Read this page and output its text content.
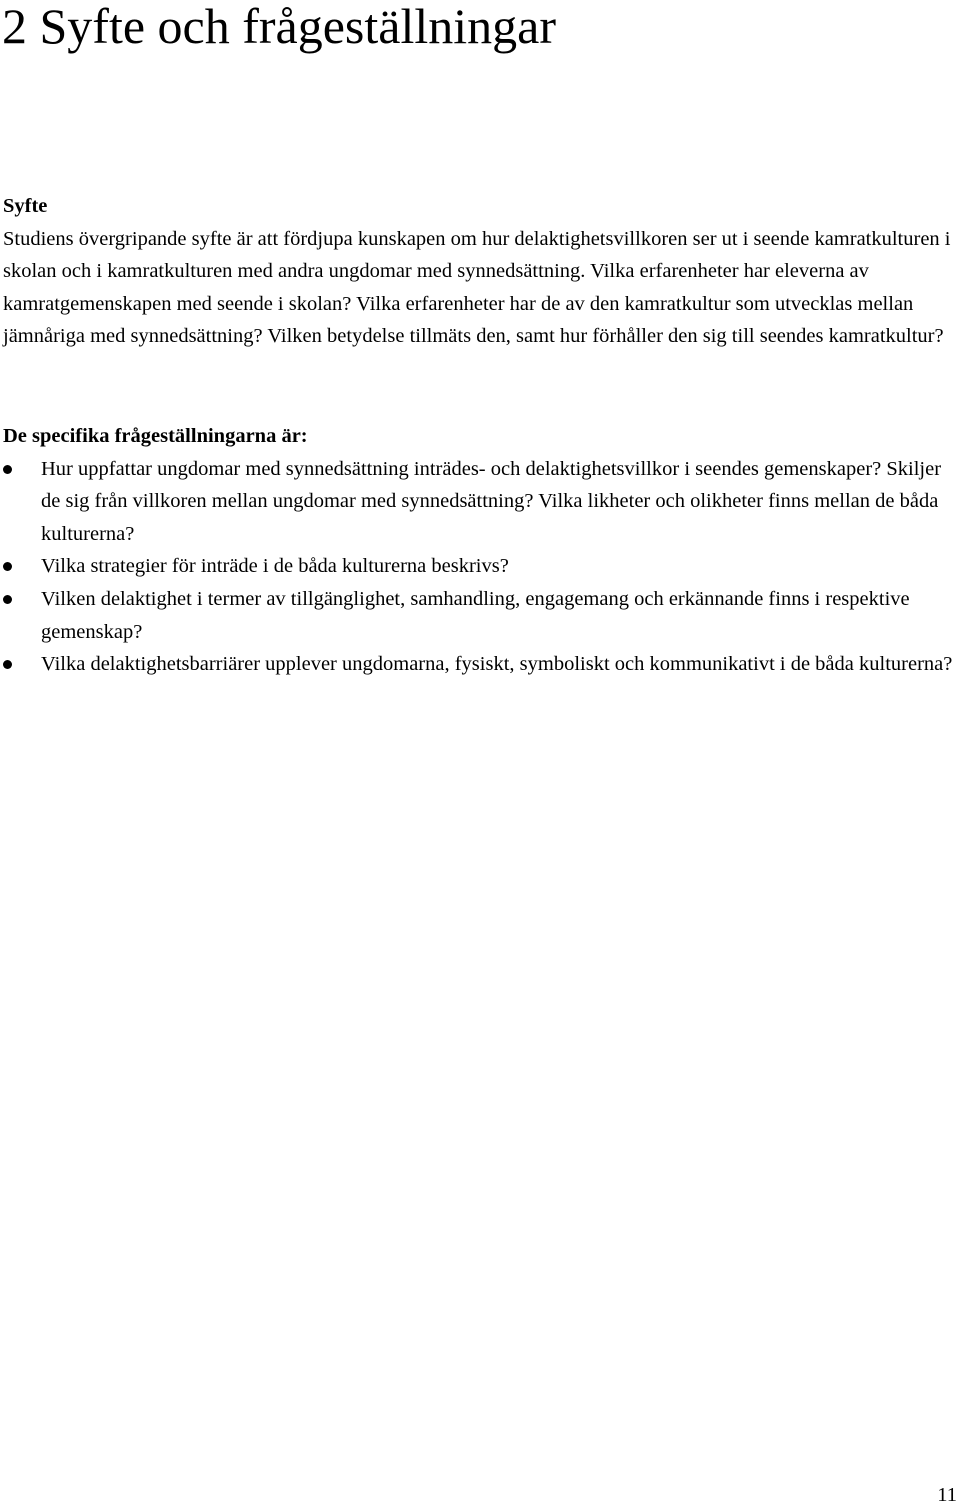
2 Syfte och frågeställningar
Syfte

Studiens övergripande syfte är att fördjupa kunskapen om hur delaktighetsvillkoren ser ut i seende kamratkulturen i skolan och i kamratkulturen med andra ungdomar med synnedsättning. Vilka erfarenheter har eleverna av kamratgemenskapen med seende i skolan? Vilka erfarenheter har de av den kamratkultur som utvecklas mellan jämnåriga med synnedsättning? Vilken betydelse tillmäts den, samt hur förhåller den sig till seendes kamratkultur?

De specifika frågeställningarna är:
Hur uppfattar ungdomar med synnedsättning inträdes- och delaktighetsvillkor i seendes gemenskaper? Skiljer de sig från villkoren mellan ungdomar med synnedsättning? Vilka likheter och olikheter finns mellan de båda kulturerna?
Vilka strategier för inträde i de båda kulturerna beskrivs?
Vilken delaktighet i termer av tillgänglighet, samhandling, engagemang och erkännande finns i respektive gemenskap?
Vilka delaktighetsbarriärer upplever ungdomarna, fysiskt, symboliskt och kommunikativt i de båda kulturerna?
11
